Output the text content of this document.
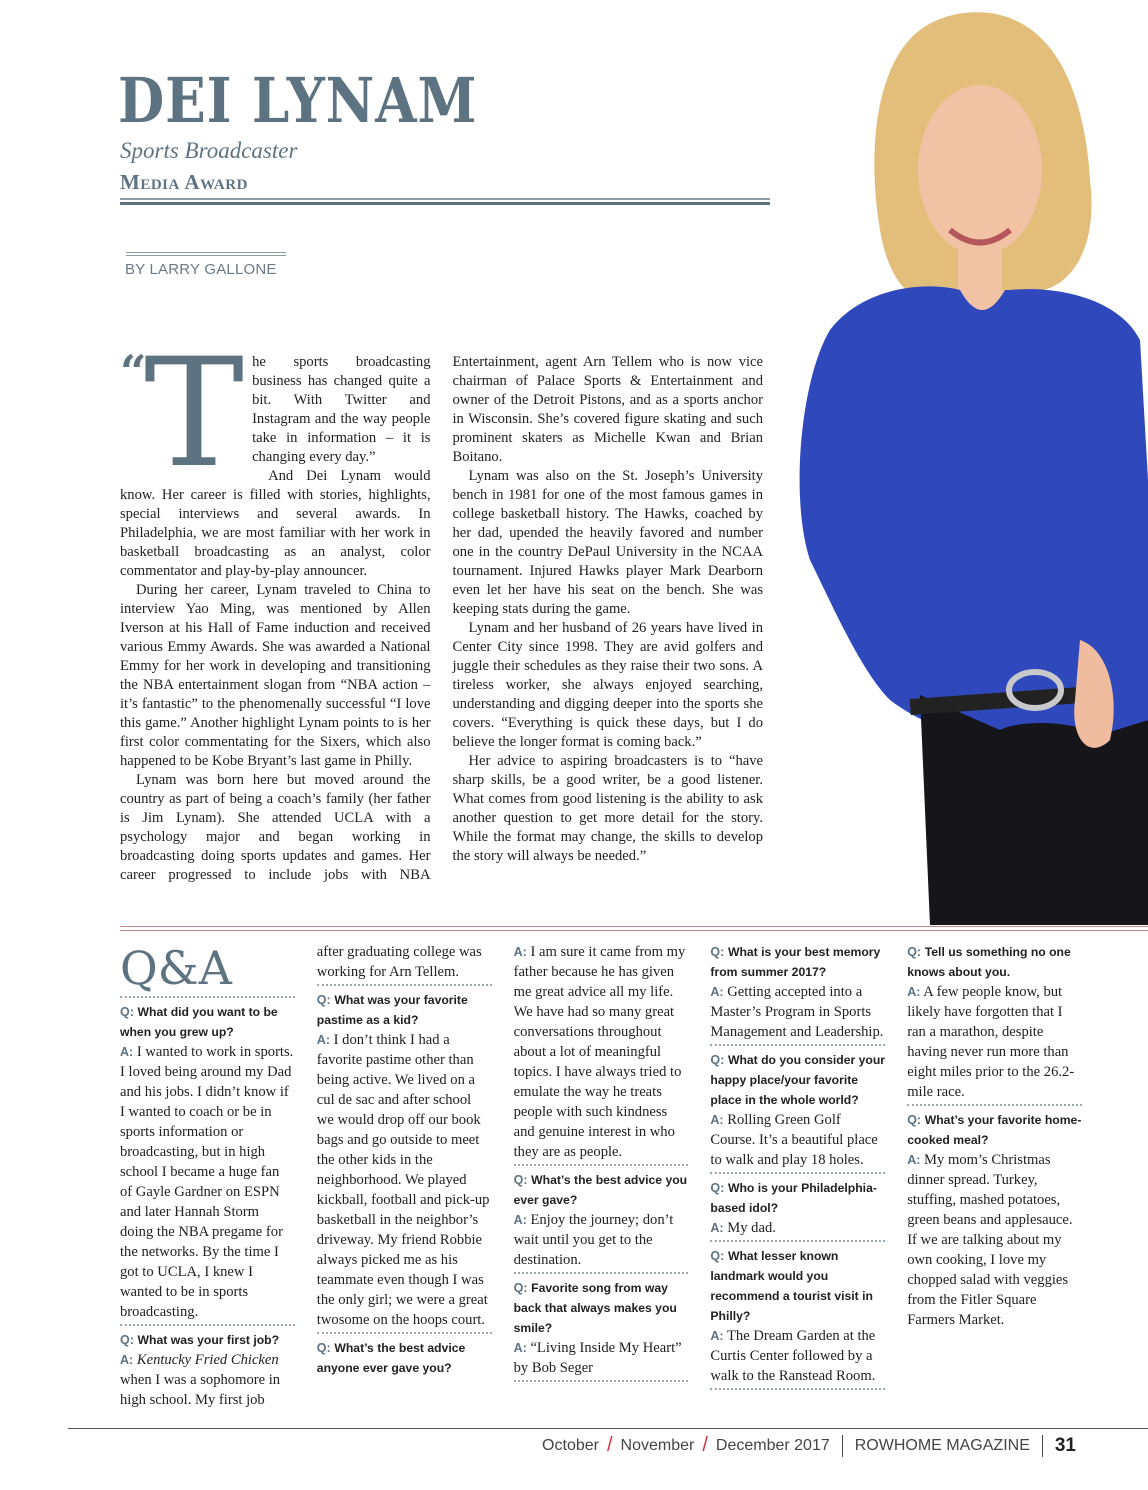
DEI LYNAM
Sports Broadcaster
Media Award
BY LARRY GALLONE

“
T he sports broadcasting business has changed quite a bit. With Twitter and Instagram and the way people take in information – it is changing every day.”

And Dei Lynam would know. Her career is filled with stories, highlights, special interviews and several awards. In Philadelphia, we are most familiar with her work in basketball broadcasting as an analyst, color commentator and play-by-play announcer.

During her career, Lynam traveled to China to interview Yao Ming, was mentioned by Allen Iverson at his Hall of Fame induction and received various Emmy Awards. She was awarded a National Emmy for her work in developing and transitioning the NBA entertainment slogan from “NBA action – it’s fantastic” to the phenomenally successful “I love this game.” Another highlight Lynam points to is her first color commentating for the Sixers, which also happened to be Kobe Bryant’s last game in Philly.

Lynam was born here but moved around the country as part of being a coach’s family (her father is Jim Lynam). She attended UCLA with a psychology major and began working in broadcasting doing sports updates and games. Her career progressed to include jobs with NBA Entertainment, agent Arn Tellem who is now vice chairman of Palace Sports & Entertainment and owner of the Detroit Pistons, and as a sports anchor in Wisconsin. She’s covered figure skating and such prominent skaters as Michelle Kwan and Brian Boitano.

Lynam was also on the St. Joseph’s University bench in 1981 for one of the most famous games in college basketball history. The Hawks, coached by her dad, upended the heavily favored and number one in the country DePaul University in the NCAA tournament. Injured Hawks player Mark Dearborn even let her have his seat on the bench. She was keeping stats during the game.

Lynam and her husband of 26 years have lived in Center City since 1998. They are avid golfers and juggle their schedules as they raise their two sons. A tireless worker, she always enjoyed searching, understanding and digging deeper into the sports she covers. “Everything is quick these days, but I do believe the longer format is coming back.”

Her advice to aspiring broadcasters is to “have sharp skills, be a good writer, be a good listener. What comes from good listening is the ability to ask another question to get more detail for the story. While the format may change, the skills to develop the story will always be needed.”

Q&A
Q: What did you want to be when you grew up?
A: I wanted to work in sports. I loved being around my Dad and his jobs. I didn’t know if I wanted to coach or be in sports information or broadcasting, but in high school I became a huge fan of Gayle Gardner on ESPN and later Hannah Storm doing the NBA pregame for the networks. By the time I got to UCLA, I knew I wanted to be in sports broadcasting.
Q: What was your first job?
A: Kentucky Fried Chicken when I was a sophomore in high school. My first job after graduating college was working for Arn Tellem.
Q: What was your favorite pastime as a kid?
A: I don’t think I had a favorite pastime other than being active. We lived on a cul de sac and after school we would drop off our book bags and go outside to meet the other kids in the neighborhood. We played kickball, football and pick-up basketball in the neighbor’s driveway. My friend Robbie always picked me as his teammate even though I was the only girl; we were a great twosome on the hoops court.
Q: What’s the best advice anyone ever gave you?
A: I am sure it came from my father because he has given me great advice all my life. We have had so many great conversations throughout about a lot of meaningful topics. I have always tried to emulate the way he treats people with such kindness and genuine interest in who they are as people.
Q: What’s the best advice you ever gave?
A: Enjoy the journey; don’t wait until you get to the destination.
Q: Favorite song from way back that always makes you smile?
A: “Living Inside My Heart” by Bob Seger
Q: What is your best memory from summer 2017?
A: Getting accepted into a Master’s Program in Sports Management and Leadership.
Q: What do you consider your happy place/your favorite place in the whole world?
A: Rolling Green Golf Course. It’s a beautiful place to walk and play 18 holes.
Q: Who is your Philadelphia-based idol?
A: My dad.
Q: What lesser known landmark would you recommend a tourist visit in Philly?
A: The Dream Garden at the Curtis Center followed by a walk to the Ranstead Room.
Q: Tell us something no one knows about you.
A: A few people know, but likely have forgotten that I ran a marathon, despite having never run more than eight miles prior to the 26.2-mile race.
Q: What’s your favorite home-cooked meal?
A: My mom’s Christmas dinner spread. Turkey, stuffing, mashed potatoes, green beans and applesauce. If we are talking about my own cooking, I love my chopped salad with veggies from the Fitler Square Farmers Market.
October / November / December 2017 ROWHOME MAGAZINE 31
